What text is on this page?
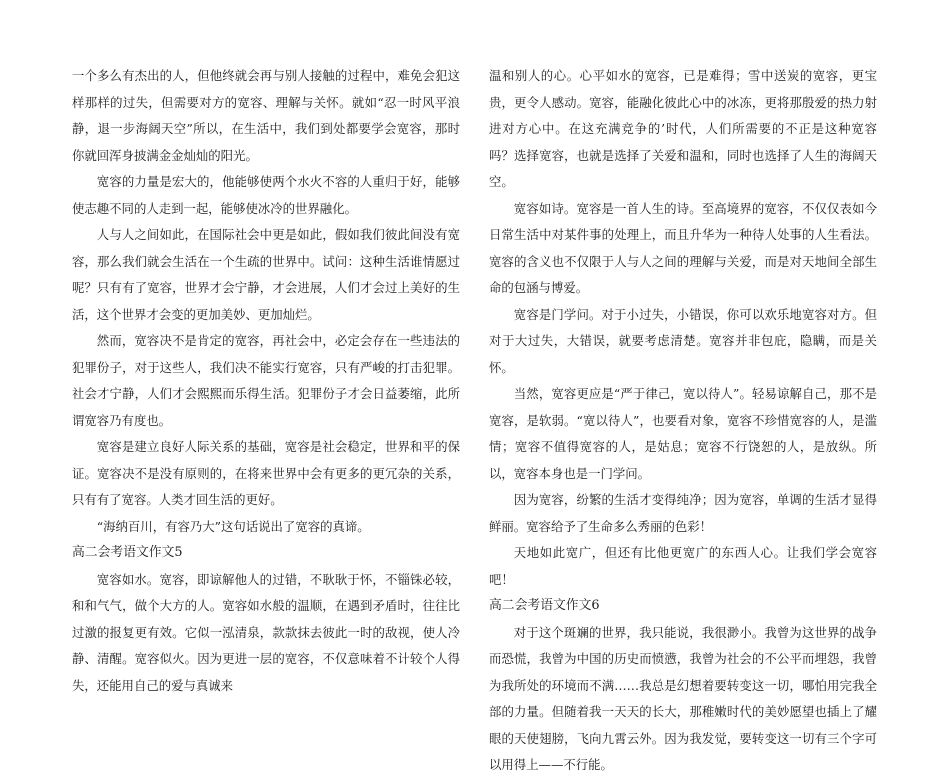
一个多么有杰出的人，但他终就会再与别人接触的过程中，难免会犯这样那样的过失，但需要对方的宽容、理解与关怀。就如“忍一时风平浪静，退一步海阔天空”所以，在生活中，我们到处都要学会宽容，那时你就回浑身披满金金灿灿的阳光。

宽容的力量是宏大的，他能够使两个水火不容的人重归于好，能够使志趣不同的人走到一起，能够使冰冷的世界融化。

人与人之间如此，在国际社会中更是如此，假如我们彼此间没有宽容，那么我们就会生活在一个生疏的世界中。试问：这种生活谁情愿过呢？只有有了宽容，世界才会宁静，才会进展，人们才会过上美好的生活，这个世界才会变的更加美妙、更加灿烂。

然而，宽容决不是肯定的宽容，再社会中，必定会存在一些违法的犯罪份子，对于这些人，我们决不能实行宽容，只有严峻的打击犯罪。社会才宁静，人们才会熙熙而乐得生活。犯罪份子才会日益萎缩，此所谓宽容乃有度也。

宽容是建立良好人际关系的基础，宽容是社会稳定，世界和平的保证。宽容决不是没有原则的，在将来世界中会有更多的更冗杂的关系，只有有了宽容。人类才回生活的更好。

“海纳百川，有容乃大”这句话说出了宽容的真谛。

高二会考语文作文5

宽容如水。宽容，即谅解他人的过错，不耿耿于怀，不锱铢必较，和和气气，做个大方的人。宽容如水般的温顺，在遇到矛盾时，往往比过激的报复更有效。它似一泓清泉，款款抹去彼此一时的敌视，使人冷静、清醒。宽容似火。因为更进一层的宽容，不仅意味着不计较个人得失，还能用自己的爱与真诚来

温和别人的心。心平如水的宽容，已是难得；雪中送炭的宽容，更宝贵，更令人感动。宽容，能融化彼此心中的冰冻，更将那殷爱的热力射进对方心中。在这充满竞争的’时代，人们所需要的不正是这种宽容吗？选择宽容，也就是选择了关爱和温和，同时也选择了人生的海阔天空。

宽容如诗。宽容是一首人生的诗。至高境界的宽容，不仅仅表如今日常生活中对某件事的处理上，而且升华为一种待人处事的人生看法。宽容的含义也不仅限于人与人之间的理解与关爱，而是对天地间全部生命的包涵与博爱。

宽容是门学问。对于小过失，小错误，你可以欢乐地宽容对方。但对于大过失，大错误，就要考虑清楚。宽容并非包庇，隐瞒，而是关怀。

当然，宽容更应是“严于律己，宽以待人”。轻易谅解自己，那不是宽容，是软弱。“宽以待人”，也要看对象，宽容不珍惜宽容的人，是滥情；宽容不值得宽容的人，是姑息；宽容不行饶恕的人，是放纵。所以，宽容本身也是一门学问。

因为宽容，纷繁的生活才变得纯净；因为宽容，单调的生活才显得鲜丽。宽容给予了生命多么秀丽的色彩！

天地如此宽广，但还有比他更宽广的东西人心。让我们学会宽容吧！

高二会考语文作文6

对于这个斑斓的世界，我只能说，我很渺小。我曾为这世界的战争而恐慌，我曾为中国的历史而愤懑，我曾为社会的不公平而埋怨，我曾为我所处的环境而不满……我总是幻想着要转变这一切，哪怕用完我全部的力量。但随着我一天天的长大，那稚嫩时代的美妙愿望也插上了耀眼的天使翅膀，飞向九霄云外。因为我发觉，要转变这一切有三个字可以用得上——不行能。
